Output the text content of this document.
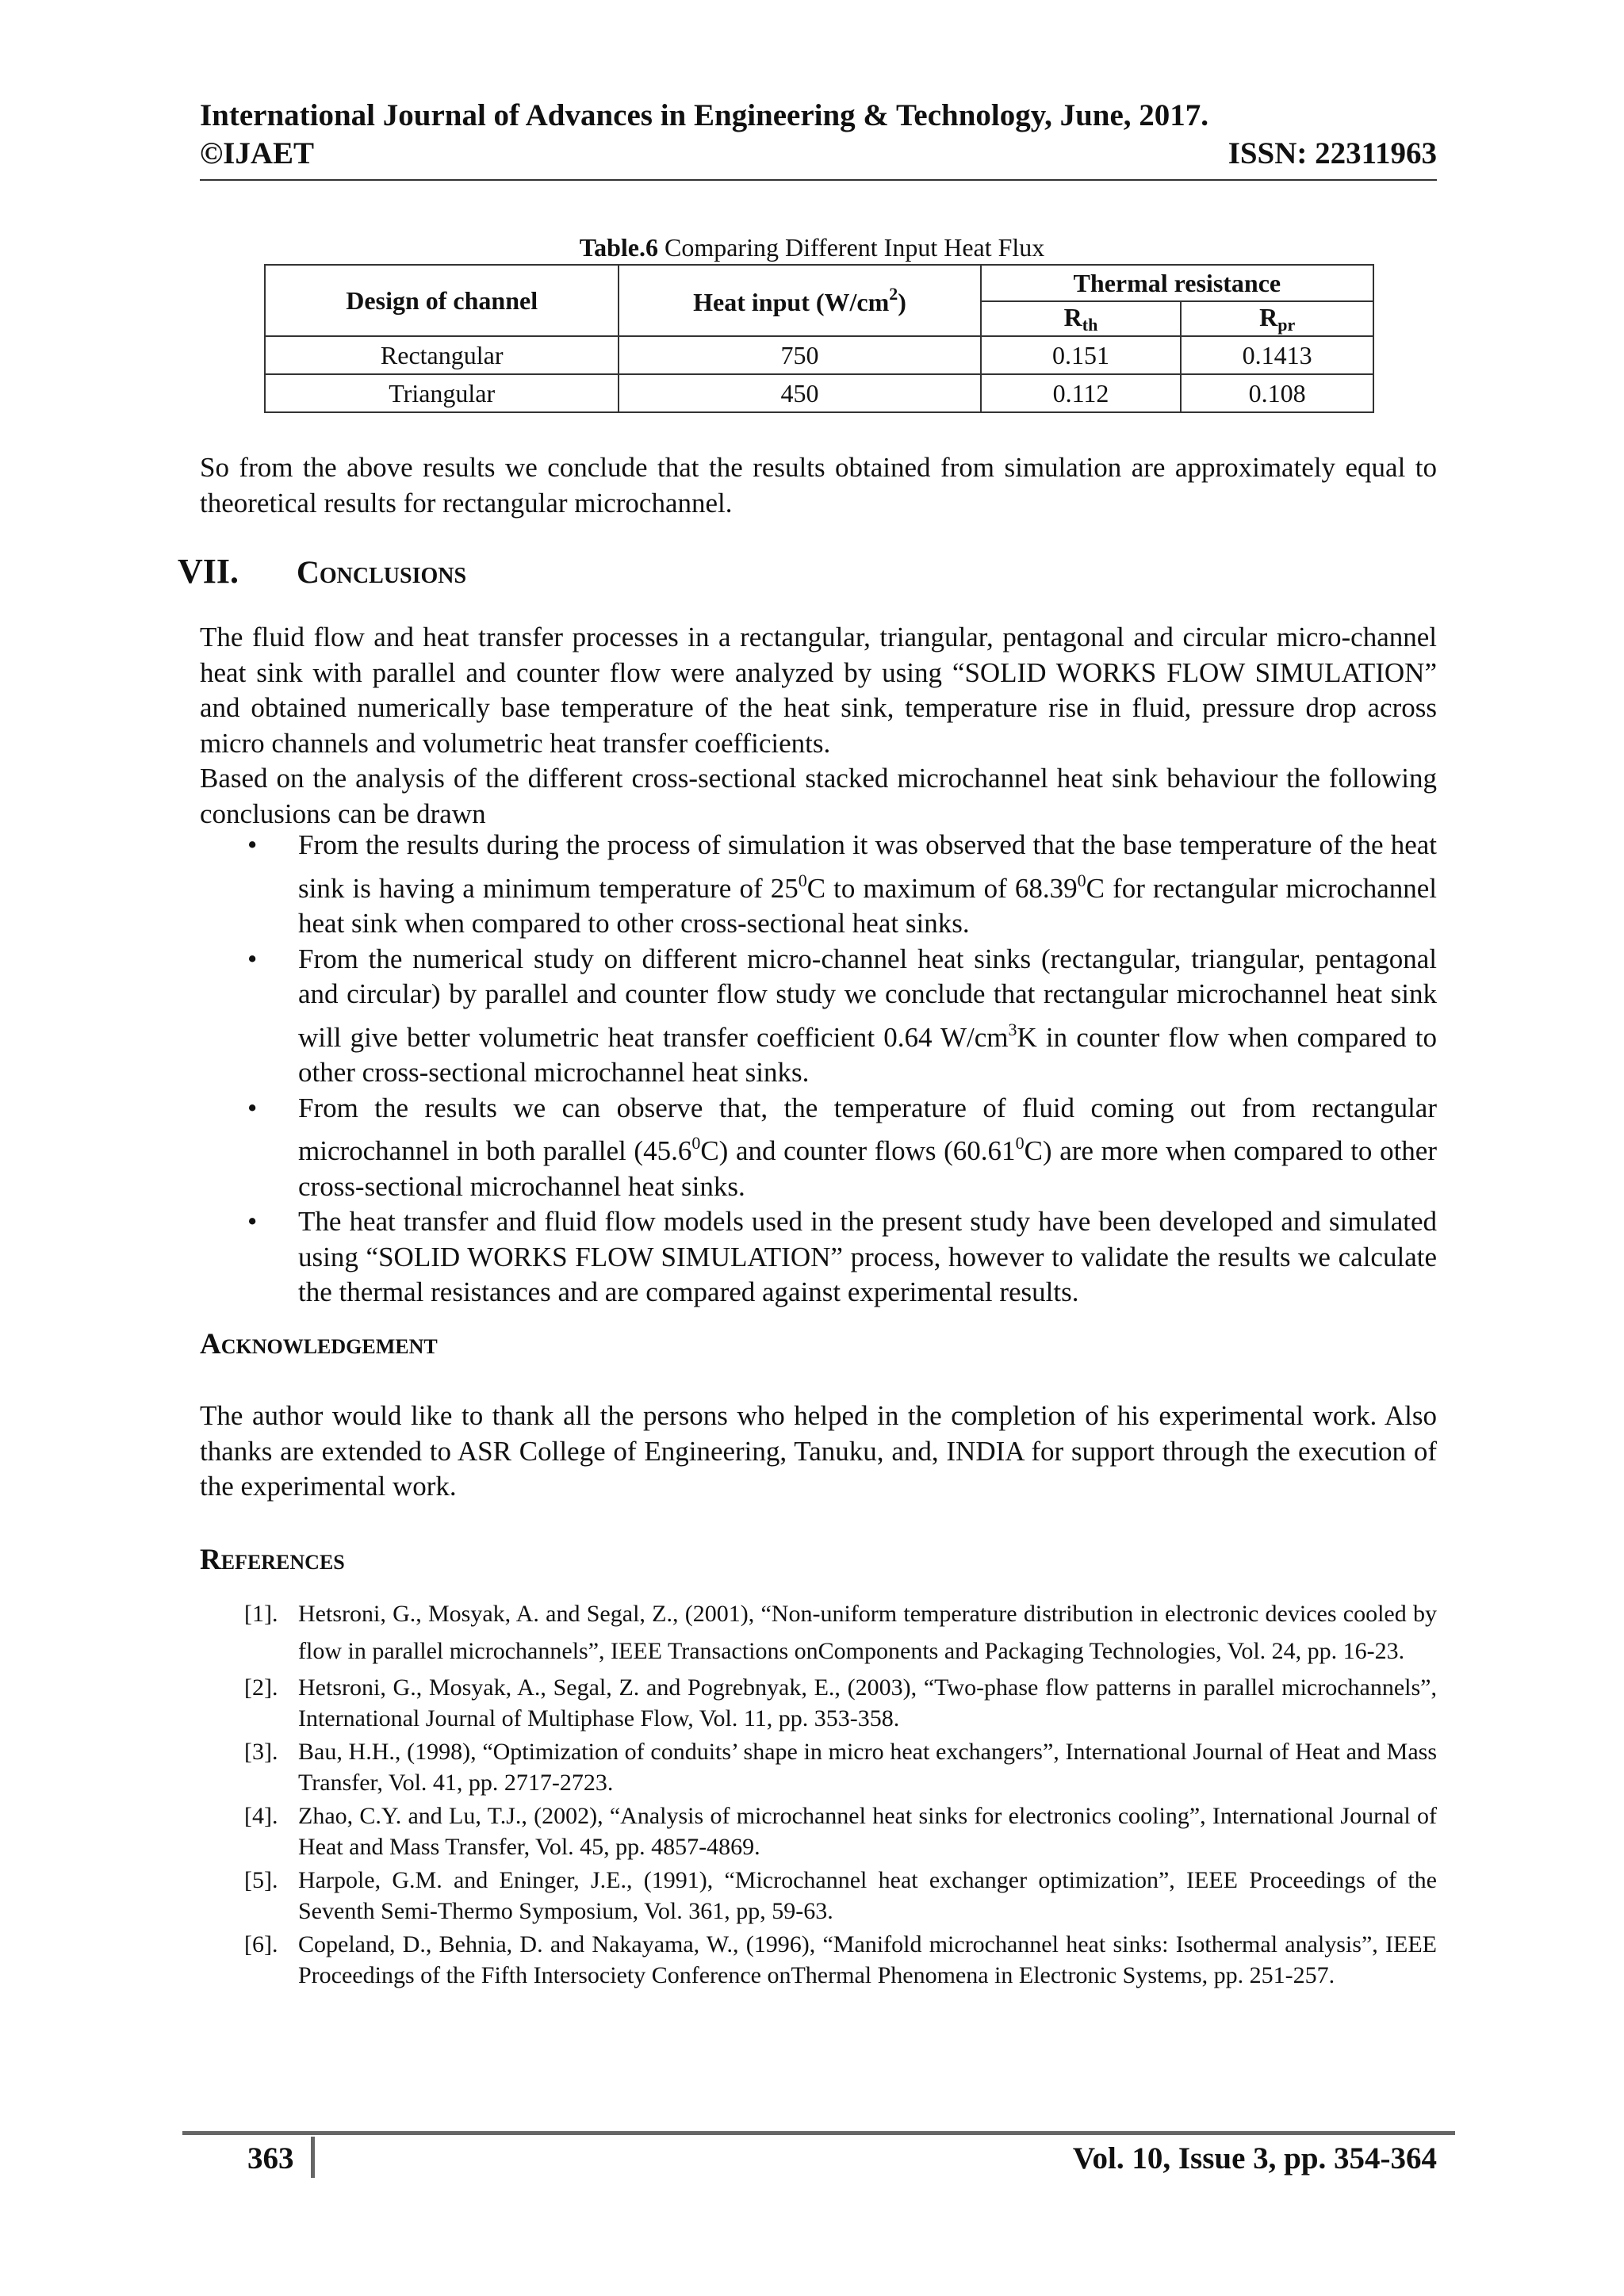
International Journal of Advances in Engineering & Technology, June, 2017.
©IJAET	ISSN: 22311963
Table.6 Comparing Different Input Heat Flux
Design of channel	Heat input $(W/cm^2)$	Thermal resistance	
		$R_{th}$	$R_{pr}$
Rectangular	750	0.151	0.1413
Triangular	450	0.112	0.108
So from the above results we conclude that the results obtained from simulation are approximately equal to theoretical results for rectangular microchannel.
VII. Conclusions
The fluid flow and heat transfer processes in a rectangular, triangular, pentagonal and circular micro-channel heat sink with parallel and counter flow were analyzed by using “SOLID WORKS FLOW SIMULATION” and obtained numerically base temperature of the heat sink, temperature rise in fluid, pressure drop across micro channels and volumetric heat transfer coefficients.
Based on the analysis of the different cross-sectional stacked microchannel heat sink behaviour the following conclusions can be drawn
• From the results during the process of simulation it was observed that the base temperature of the heat sink is having a minimum temperature of $25^0C$ to maximum of 68.39$^0$C for rectangular microchannel heat sink when compared to other cross-sectional heat sinks.
• From the numerical study on different micro-channel heat sinks (rectangular, triangular, pentagonal and circular) by parallel and counter flow study we conclude that rectangular microchannel heat sink will give better volumetric heat transfer coefficient 0.64 $W/cm^3K$ in counter flow when compared to other cross-sectional microchannel heat sinks.
• From the results we can observe that, the temperature of fluid coming out from rectangular microchannel in both parallel (45.6$^0$C) and counter flows (60.61$^0$C) are more when compared to other cross-sectional microchannel heat sinks.
• The heat transfer and fluid flow models used in the present study have been developed and simulated using “SOLID WORKS FLOW SIMULATION” process, however to validate the results we calculate the thermal resistances and are compared against experimental results.
Acknowledgement
The author would like to thank all the persons who helped in the completion of his experimental work. Also thanks are extended to ASR College of Engineering, Tanuku, and, INDIA for support through the execution of the experimental work.
References
[1]. Hetsroni, G., Mosyak, A. and Segal, Z., (2001), “Non-uniform temperature distribution in electronic devices cooled by flow in parallel microchannels”, IEEE Transactions onComponents and Packaging Technologies, Vol. 24, pp. 16-23.
[2]. Hetsroni, G., Mosyak, A., Segal, Z. and Pogrebnyak, E., (2003), “Two-phase flow patterns in parallel microchannels”, International Journal of Multiphase Flow, Vol. 11, pp. 353-358.
[3]. Bau, H.H., (1998), “Optimization of conduits’ shape in micro heat exchangers”, International Journal of Heat and Mass Transfer, Vol. 41, pp. 2717-2723.
[4]. Zhao, C.Y. and Lu, T.J., (2002), “Analysis of microchannel heat sinks for electronics cooling”, International Journal of Heat and Mass Transfer, Vol. 45, pp. 4857-4869.
[5]. Harpole, G.M. and Eninger, J.E., (1991), “Microchannel heat exchanger optimization”, IEEE Proceedings of the Seventh Semi-Thermo Symposium, Vol. 361, pp, 59-63.
[6]. Copeland, D., Behnia, D. and Nakayama, W., (1996), “Manifold microchannel heat sinks: Isothermal analysis”, IEEE Proceedings of the Fifth Intersociety Conference onThermal Phenomena in Electronic Systems, pp. 251-257.
363	Vol. 10, Issue 3, pp. 354-364
